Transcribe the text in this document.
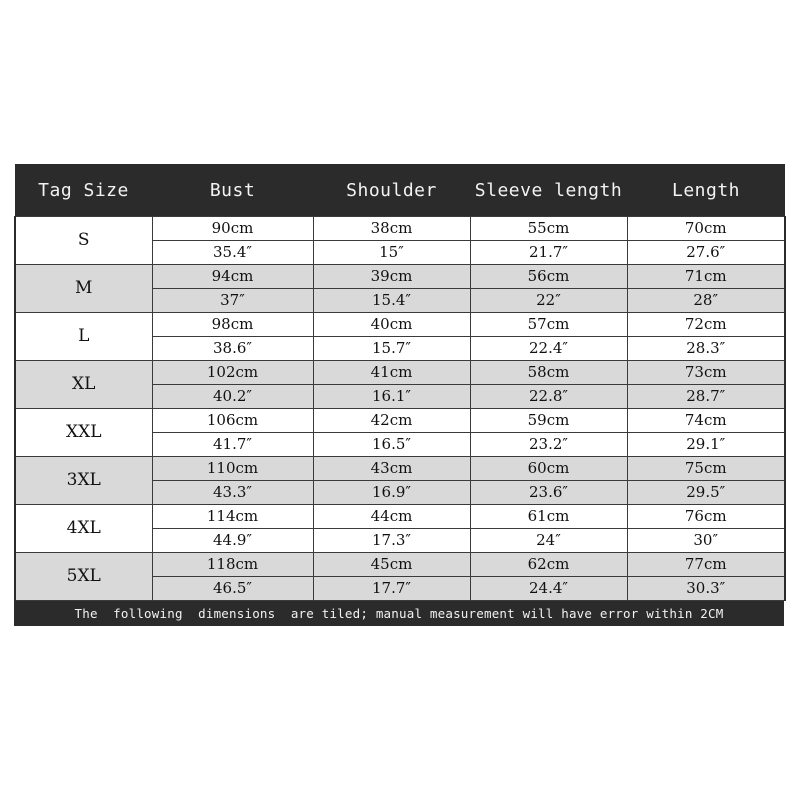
Tag Size	Bust	Shoulder	Sleeve length	Length
S	90cm	38cm	55cm	70cm
	35.4″	15″	21.7″	27.6″
M	94cm	39cm	56cm	71cm
	37″	15.4″	22″	28″
L	98cm	40cm	57cm	72cm
	38.6″	15.7″	22.4″	28.3″
XL	102cm	41cm	58cm	73cm
	40.2″	16.1″	22.8″	28.7″
XXL	106cm	42cm	59cm	74cm
	41.7″	16.5″	23.2″	29.1″
3XL	110cm	43cm	60cm	75cm
	43.3″	16.9″	23.6″	29.5″
4XL	114cm	44cm	61cm	76cm
	44.9″	17.3″	24″	30″
5XL	118cm	45cm	62cm	77cm
	46.5″	17.7″	24.4″	30.3″
The  following  dimensions  are tiled; manual measurement will have error within 2CM
